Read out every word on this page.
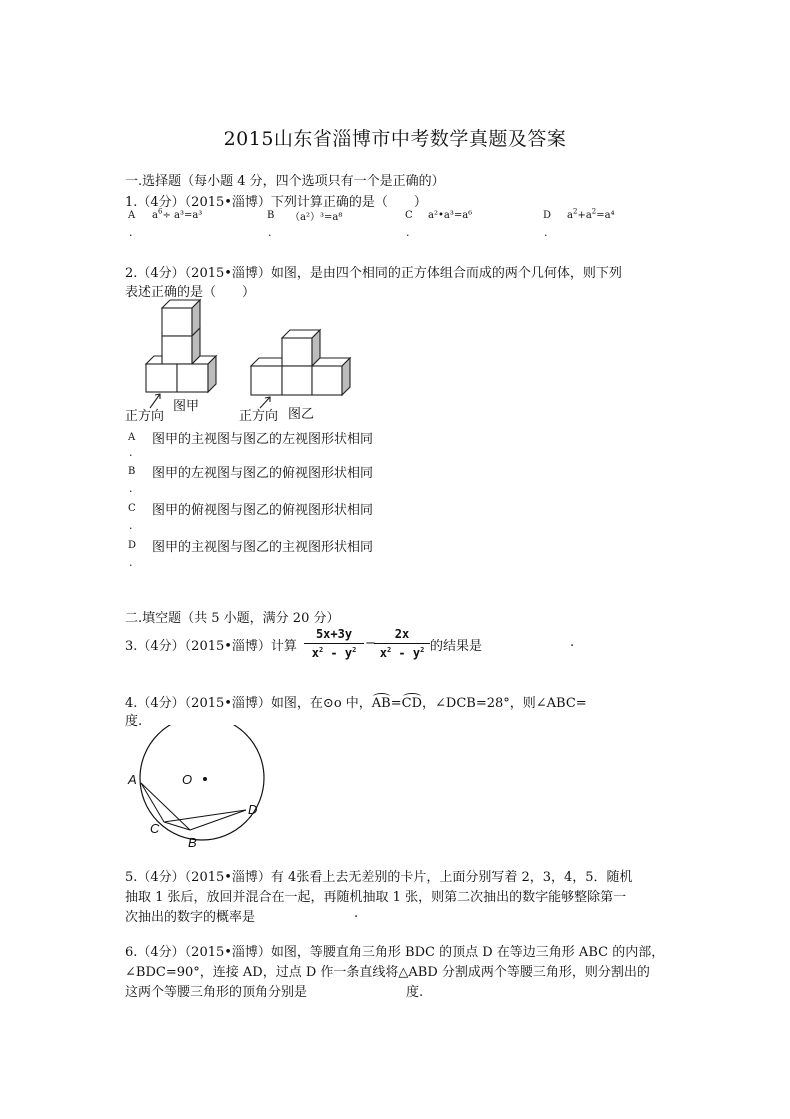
2015山东省淄博市中考数学真题及答案
一.选择题（每小题 4 分，四个选项只有一个是正确的）
1.（4分）（2015•淄博）下列计算正确的是（　　）
A
.
$a^6\div a^3=a^3$	B
.
（a²）³=a⁸	C
.
a²•a³=a⁶	D
.
$a^2+a^2=a^4$
2.（4分）（2015•淄博）如图，是由四个相同的正方体组合而成的两个几何体，则下列
表述正确的是（　　）
图甲
正方向	图乙
正方向
A
.
图甲的主视图与图乙的左视图形状相同
B
.
图甲的左视图与图乙的俯视图形状相同
C
.
图甲的俯视图与图乙的俯视图形状相同
D
.
图甲的主视图与图乙的主视图形状相同
二.填空题（共 5 小题，满分 20 分）
3.（4分）（2015•淄博）计算 $\frac{5x+3y}{x^2 - y^2}$ −
$\frac{2x}{x^2 - y^2}$ 的结果是	.
4.（4分）（2015•淄博）如图，在⊙o 中，AB=CD，∠DCB=28°，则∠ABC=
度.
O
A
C
B
D
5.（4分）（2015•淄博）有 4张看上去无差别的卡片，上面分别写着 2，3，4，5．随机
抽取 1 张后，放回并混合在一起，再随机抽取 1 张，则第二次抽出的数字能够整除第一
次抽出的数字的概率是	.
6.（4分）（2015•淄博）如图，等腰直角三角形 BDC 的顶点 D 在等边三角形 ABC 的内部，
∠BDC=90°，连接 AD，过点 D 作一条直线将△ABD 分割成两个等腰三角形，则分割出的
这两个等腰三角形的顶角分别是	度.
